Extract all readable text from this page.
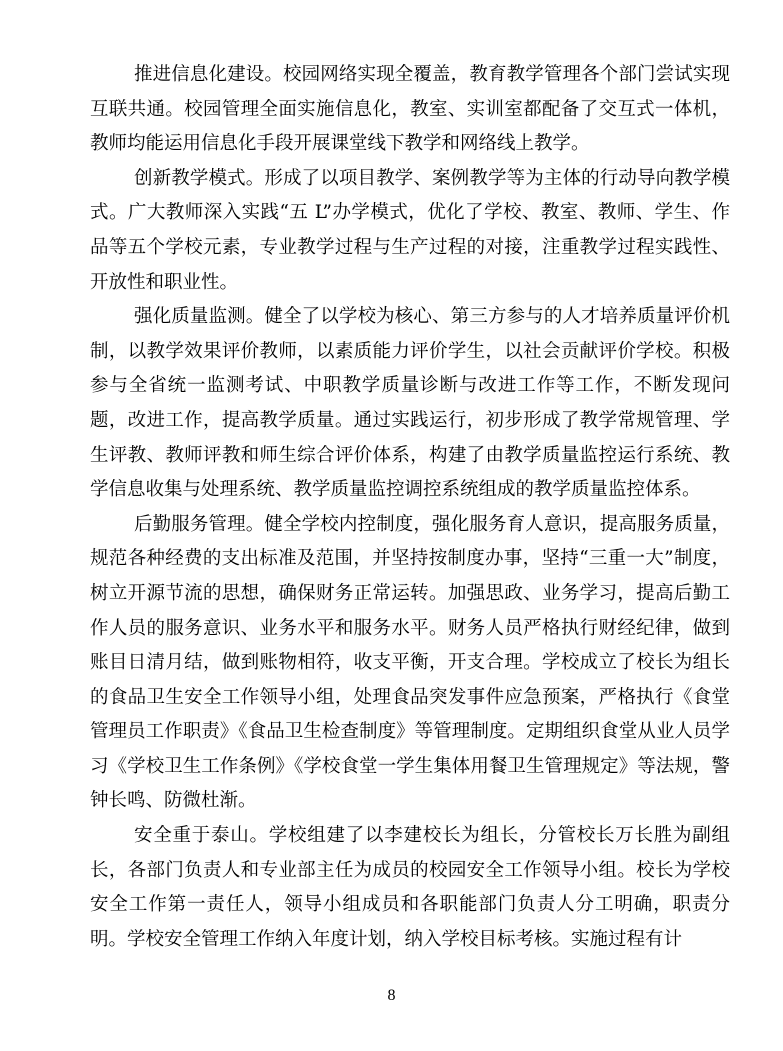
推进信息化建设。校园网络实现全覆盖，教育教学管理各个部门尝试实现互联共通。校园管理全面实施信息化，教室、实训室都配备了交互式一体机，教师均能运用信息化手段开展课堂线下教学和网络线上教学。

创新教学模式。形成了以项目教学、案例教学等为主体的行动导向教学模式。广大教师深入实践“五 L”办学模式，优化了学校、教室、教师、学生、作品等五个学校元素，专业教学过程与生产过程的对接，注重教学过程实践性、开放性和职业性。

强化质量监测。健全了以学校为核心、第三方参与的人才培养质量评价机制，以教学效果评价教师，以素质能力评价学生，以社会贡献评价学校。积极参与全省统一监测考试、中职教学质量诊断与改进工作等工作，不断发现问题，改进工作，提高教学质量。通过实践运行，初步形成了教学常规管理、学生评教、教师评教和师生综合评价体系，构建了由教学质量监控运行系统、教学信息收集与处理系统、教学质量监控调控系统组成的教学质量监控体系。

后勤服务管理。健全学校内控制度，强化服务育人意识，提高服务质量，规范各种经费的支出标准及范围，并坚持按制度办事，坚持“三重一大”制度，树立开源节流的思想，确保财务正常运转。加强思政、业务学习，提高后勤工作人员的服务意识、业务水平和服务水平。财务人员严格执行财经纪律，做到账目日清月结，做到账物相符，收支平衡，开支合理。学校成立了校长为组长的食品卫生安全工作领导小组，处理食品突发事件应急预案，严格执行《食堂管理员工作职责》《食品卫生检查制度》等管理制度。定期组织食堂从业人员学习《学校卫生工作条例》《学校食堂一学生集体用餐卫生管理规定》等法规，警钟长鸣、防微杜渐。

安全重于泰山。学校组建了以李建校长为组长，分管校长万长胜为副组长，各部门负责人和专业部主任为成员的校园安全工作领导小组。校长为学校安全工作第一责任人，领导小组成员和各职能部门负责人分工明确，职责分明。学校安全管理工作纳入年度计划，纳入学校目标考核。实施过程有计

8
